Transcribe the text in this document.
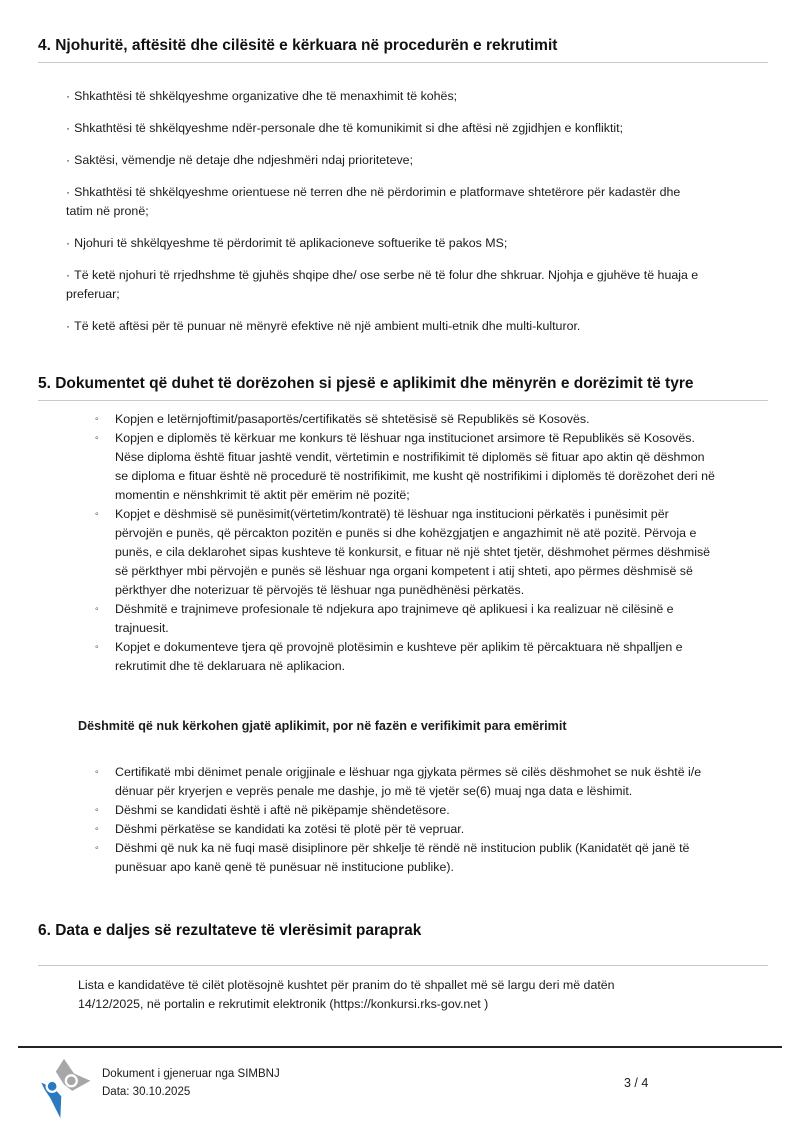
4. Njohuritë, aftësitë dhe cilësitë e kërkuara në procedurën e rekrutimit

· Shkathtësi të shkëlqyeshme organizative dhe të menaxhimit të kohës;

· Shkathtësi të shkëlqyeshme ndër-personale dhe të komunikimit si dhe aftësi në zgjidhjen e konfliktit;

· Saktësi, vëmendje në detaje dhe ndjeshmëri ndaj prioriteteve;

· Shkathtësi të shkëlqyeshme orientuese në terren dhe në përdorimin e platformave shtetërore për kadastër dhe tatim në pronë;

· Njohuri të shkëlqyeshme të përdorimit të aplikacioneve softuerike të pakos MS;

· Të ketë njohuri të rrjedhshme të gjuhës shqipe dhe/ ose serbe në të folur dhe shkruar. Njohja e gjuhëve të huaja e preferuar;

· Të ketë aftësi për të punuar në mënyrë efektive në një ambient multi-etnik dhe multi-kulturor.

5. Dokumentet që duhet të dorëzohen si pjesë e aplikimit dhe mënyrën e dorëzimit të tyre
◦	Kopjen e letërnjoftimit/pasaportës/certifikatës së shtetësisë së Republikës së Kosovës.
◦	Kopjen e diplomës të kërkuar me konkurs të lëshuar nga institucionet arsimore të Republikës së Kosovës. Nëse diploma është fituar jashtë vendit, vërtetimin e nostrifikimit të diplomës së fituar apo aktin që dëshmon se diploma e fituar është në procedurë të nostrifikimit, me kusht që nostrifikimi i diplomës të dorëzohet deri në momentin e nënshkrimit të aktit për emërim në pozitë;
◦	Kopjet e dëshmisë së punësimit(vërtetim/kontratë) të lëshuar nga institucioni përkatës i punësimit për përvojën e punës, që përcakton pozitën e punës si dhe kohëzgjatjen e angazhimit në atë pozitë. Përvoja e punës, e cila deklarohet sipas kushteve të konkursit, e fituar në një shtet tjetër, dëshmohet përmes dëshmisë së përkthyer mbi përvojën e punës së lëshuar nga organi kompetent i atij shteti, apo përmes dëshmisë së përkthyer dhe noterizuar të përvojës të lëshuar nga punëdhënësi përkatës.
◦	Dëshmitë e trajnimeve profesionale të ndjekura apo trajnimeve që aplikuesi i ka realizuar në cilësinë e trajnuesit.
◦	Kopjet e dokumenteve tjera që provojnë plotësimin e kushteve për aplikim të përcaktuara në shpalljen e rekrutimit dhe të deklaruara në aplikacion.

Dëshmitë që nuk kërkohen gjatë aplikimit, por në fazën e verifikimit para emërimit

◦	Certifikatë mbi dënimet penale origjinale e lëshuar nga gjykata përmes së cilës dëshmohet se nuk është i/e dënuar për kryerjen e veprës penale me dashje, jo më të vjetër se(6) muaj nga data e lëshimit.
◦	Dëshmi se kandidati është i aftë në pikëpamje shëndetësore.
◦	Dëshmi përkatëse se kandidati ka zotësi të plotë për të vepruar.
◦	Dëshmi që nuk ka në fuqi masë disiplinore për shkelje të rëndë në institucion publik (Kanidatët që janë të punësuar apo kanë qenë të punësuar në institucione publike).
6. Data e daljes së rezultateve të vlerësimit paraprak

Lista e kandidatëve të cilët plotësojnë kushtet për pranim do të shpallet më së largu deri më datën 14/12/2025, në portalin e rekrutimit elektronik (https://konkursi.rks-gov.net )

Dokument i gjeneruar nga SIMBNJ
Data: 30.10.2025
3 / 4
